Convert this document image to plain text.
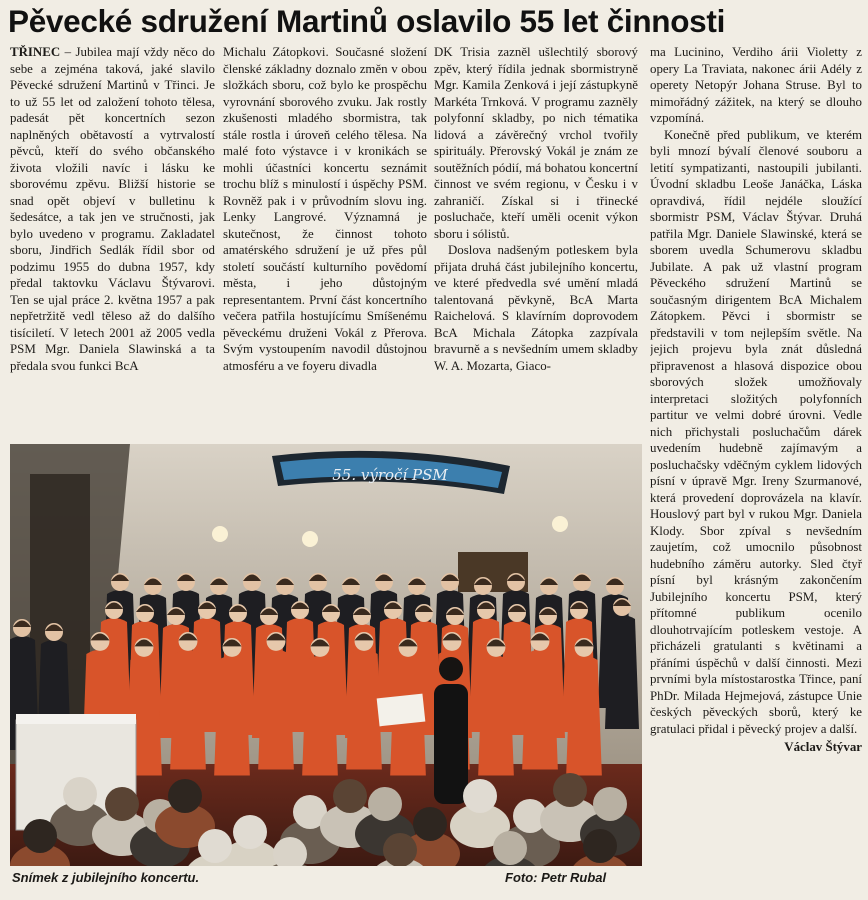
Pěvecké sdružení Martinů oslavilo 55 let činnosti

TŘINEC – Jubilea mají vždy něco do sebe a zejména taková, jaké slavilo Pěvecké sdružení Martinů v Třinci. Je to už 55 let od založení tohoto tělesa, padesát pět koncertních sezon naplněných obětavostí a vytrvalostí pěvců, kteří do svého občanského života vložili navíc i lásku ke sborovému zpěvu. Bližší historie se snad opět objeví v bulletinu k šedesátce, a tak jen ve stručnosti, jak bylo uvedeno v programu. Zakladatel sboru, Jindřich Sedlák řídil sbor od podzimu 1955 do dubna 1957, kdy předal taktovku Václavu Štývarovi. Ten se ujal práce 2. května 1957 a pak nepřetržitě vedl těleso až do dalšího tisíciletí. V letech 2001 až 2005 vedla PSM Mgr. Daniela Slawinská a ta předala svou funkci BcA

Michalu Zátopkovi. Současné složení členské základny doznalo změn v obou složkách sboru, což bylo ke prospěchu vyrovnání sborového zvuku. Jak rostly zkušenosti mladého sbormistra, tak stále rostla i úroveň celého tělesa. Na malé foto výstavce i v kronikách se mohli účastníci koncertu seznámit trochu blíž s minulostí i úspěchy PSM. Rovněž pak i v průvodním slovu ing. Lenky Langrové. Významná je skutečnost, že činnost tohoto amatérského sdružení je už přes půl století součástí kulturního povědomí města, i jeho důstojným representantem. První část koncertního večera patřila hostujícímu Smíšenému pěveckému druženi Vokál z Přerova. Svým vystoupením navodil důstojnou atmosféru a ve foyeru divadla

DK Trisia zazněl ušlechtilý sborový zpěv, který řídila jednak sbormistryně Mgr. Kamila Zenková i její zástupkyně Markéta Trnková. V programu zazněly polyfonní skladby, po nich tématika lidová a závěrečný vrchol tvořily spirituály. Přerovský Vokál je znám ze soutěžních pódií, má bohatou koncertní činnost ve svém regionu, v Česku i v zahraničí. Získal si i třinecké posluchače, kteří uměli ocenit výkon sboru i sólistů.

Doslova nadšeným potleskem byla přijata druhá část jubilejního koncertu, ve které předvedla své umění mladá talentovaná pěvkyně, BcA Marta Raichelová. S klavírním doprovodem BcA Michala Zátopka zazpívala bravurně a s nevšedním umem skladby W. A. Mozarta, Giaco-

ma Lucinino, Verdiho árii Violetty z opery La Traviata, nakonec árii Adély z operety Netopýr Johana Struse. Byl to mimořádný zážitek, na který se dlouho vzpomíná.

Konečně před publikum, ve kterém byli mnozí bývalí členové souboru a letití sympatizanti, nastoupili jubilanti. Úvodní skladbu Leoše Janáčka, Láska opravdivá, řídil nejdéle sloužící sbormistr PSM, Václav Štývar. Druhá patřila Mgr. Daniele Slawinské, která se sborem uvedla Schumerovu skladbu Jubilate. A pak už vlastní program Pěveckého sdružení Martinů se současným dirigentem BcA Michalem Zátopkem. Pěvci i sbormistr se představili v tom nejlepším světle. Na jejich projevu byla znát důsledná připravenost a hlasová dispozice obou sborových složek umožňovaly interpretaci složitých polyfonních partitur ve velmi dobré úrovni. Vedle nich přichystali posluchačům dárek uvedením hudebně zajímavým a posluchačsky vděčným cyklem lidových písní v úpravě Mgr. Ireny Szurmanové, která provedení doprovázela na klavír. Houslový part byl v rukou Mgr. Daniela Klody. Sbor zpíval s nevšedním zaujetím, což umocnilo působnost hudebního záměru autorky. Sled čtyř písní byl krásným zakončením Jubilejního koncertu PSM, který přítomné publikum ocenilo dlouhotrvajícím potleskem vestoje. A přicházeli gratulanti s květinami a přáními úspěchů v další činnosti. Mezi prvními byla místostarostka Třince, paní PhDr. Milada Hejmejová, zástupce Unie českých pěveckých sborů, který ke gratulaci přidal i pěvecký projev a další.

Václav Štývar
55. výročí PSM
Snímek z jubilejního koncertu.	Foto: Petr Rubal
